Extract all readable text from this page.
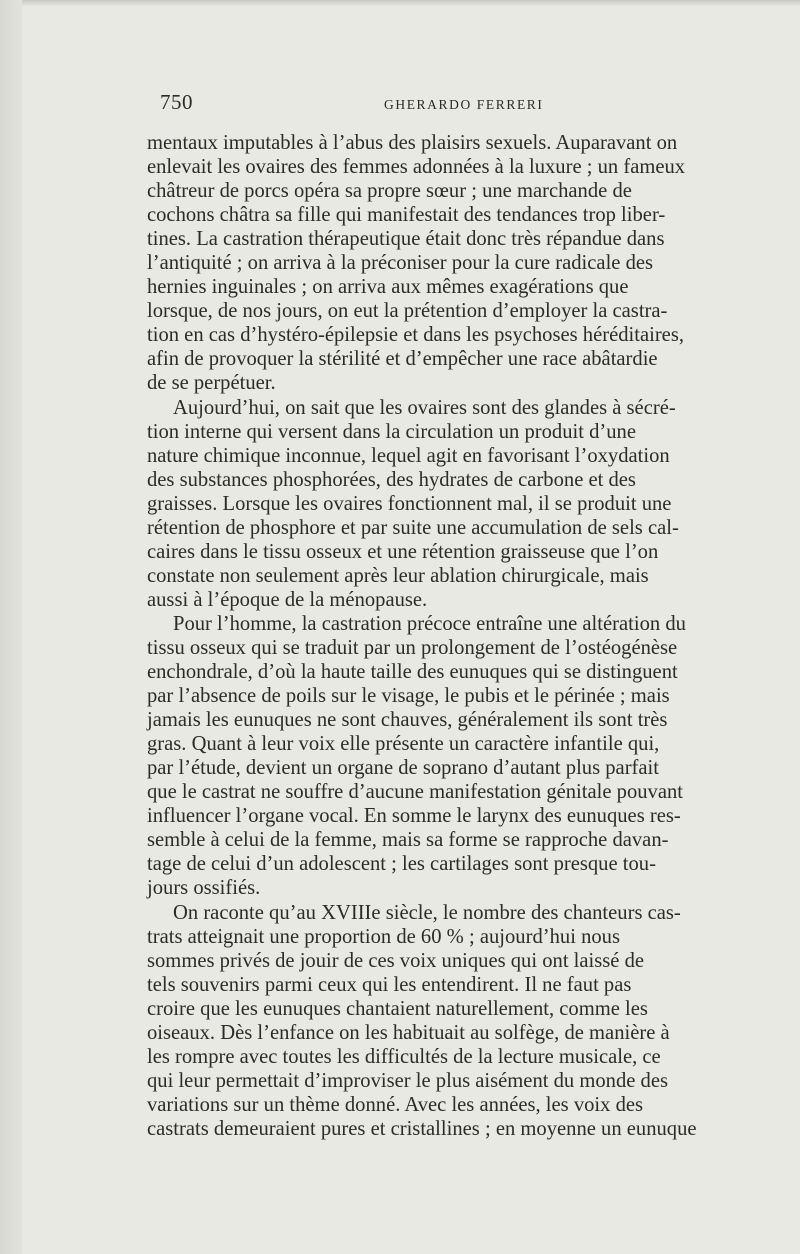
750	GHERARDO FERRERI
mentaux imputables à l’abus des plaisirs sexuels. Auparavant on
enlevait les ovaires des femmes adonnées à la luxure ; un fameux
châtreur de porcs opéra sa propre sœur ; une marchande de
cochons châtra sa fille qui manifestait des tendances trop liber-
tines. La castration thérapeutique était donc très répandue dans
l’antiquité ; on arriva à la préconiser pour la cure radicale des
hernies inguinales ; on arriva aux mêmes exagérations que
lorsque, de nos jours, on eut la prétention d’employer la castra-
tion en cas d’hystéro-épilepsie et dans les psychoses héréditaires,
afin de provoquer la stérilité et d’empêcher une race abâtardie
de se perpétuer.
Aujourd’hui, on sait que les ovaires sont des glandes à sécré-
tion interne qui versent dans la circulation un produit d’une
nature chimique inconnue, lequel agit en favorisant l’oxydation
des substances phosphorées, des hydrates de carbone et des
graisses. Lorsque les ovaires fonctionnent mal, il se produit une
rétention de phosphore et par suite une accumulation de sels cal-
caires dans le tissu osseux et une rétention graisseuse que l’on
constate non seulement après leur ablation chirurgicale, mais
aussi à l’époque de la ménopause.
Pour l’homme, la castration précoce entraîne une altération du
tissu osseux qui se traduit par un prolongement de l’ostéogénèse
enchondrale, d’où la haute taille des eunuques qui se distinguent
par l’absence de poils sur le visage, le pubis et le périnée ; mais
jamais les eunuques ne sont chauves, généralement ils sont très
gras. Quant à leur voix elle présente un caractère infantile qui,
par l’étude, devient un organe de soprano d’autant plus parfait
que le castrat ne souffre d’aucune manifestation génitale pouvant
influencer l’organe vocal. En somme le larynx des eunuques res-
semble à celui de la femme, mais sa forme se rapproche davan-
tage de celui d’un adolescent ; les cartilages sont presque tou-
jours ossifiés.
On raconte qu’au XVIIIe siècle, le nombre des chanteurs cas-
trats atteignait une proportion de 60 % ; aujourd’hui nous
sommes privés de jouir de ces voix uniques qui ont laissé de
tels souvenirs parmi ceux qui les entendirent. Il ne faut pas
croire que les eunuques chantaient naturellement, comme les
oiseaux. Dès l’enfance on les habituait au solfège, de manière à
les rompre avec toutes les difficultés de la lecture musicale, ce
qui leur permettait d’improviser le plus aisément du monde des
variations sur un thème donné. Avec les années, les voix des
castrats demeuraient pures et cristallines ; en moyenne un eunuque
